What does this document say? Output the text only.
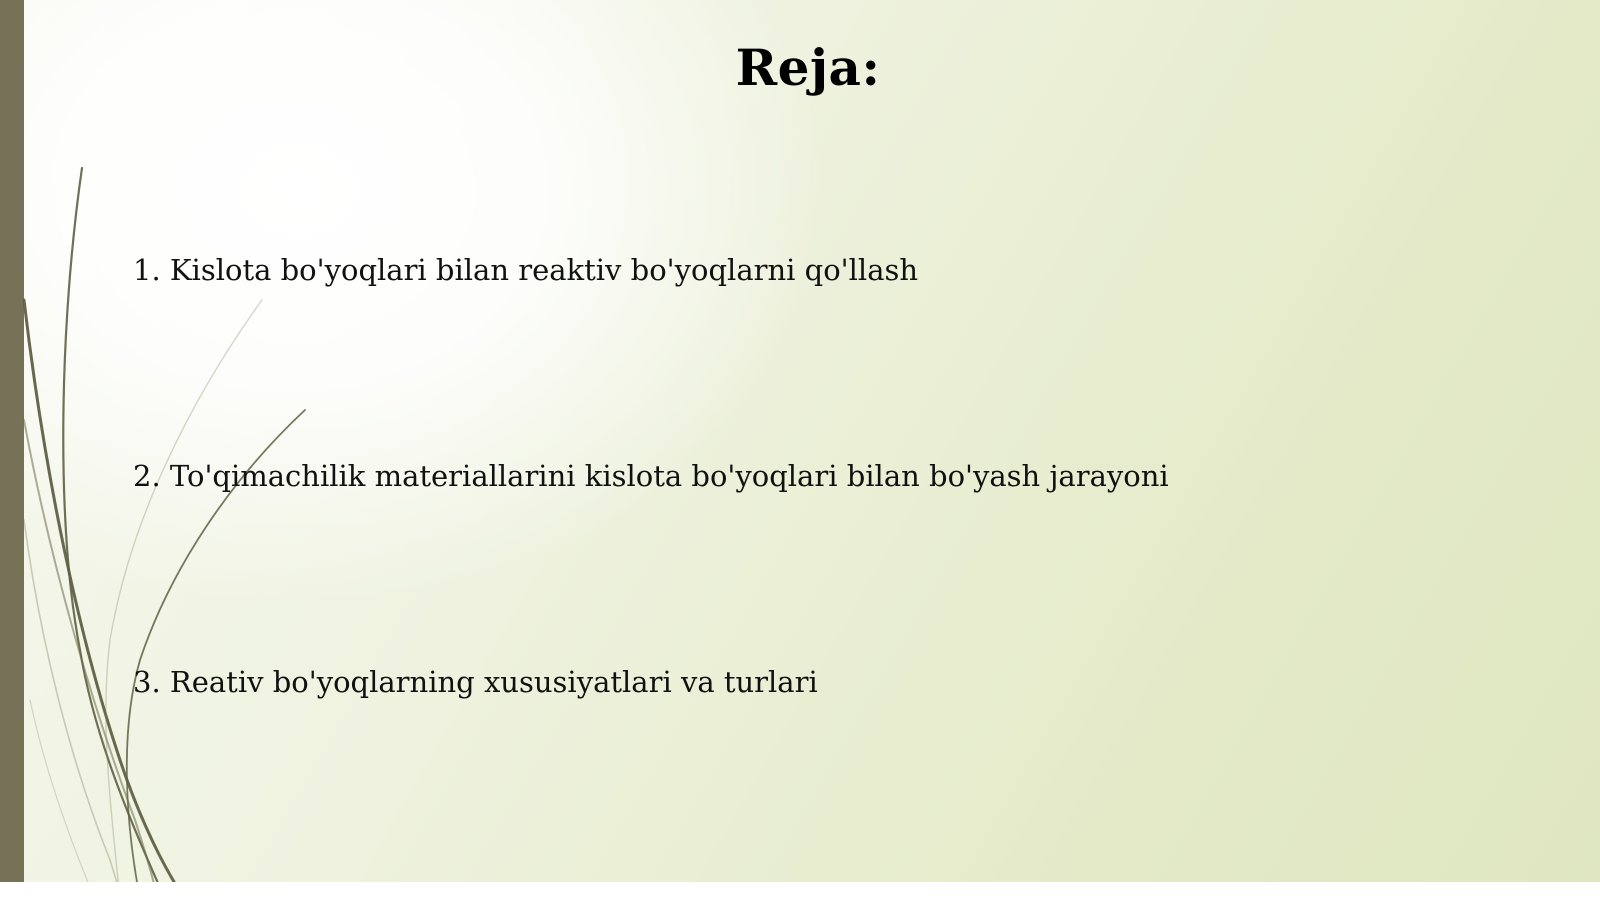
Reja:
1. Kislota bo'yoqlari bilan reaktiv bo'yoqlarni qo'llash
2. To'qimachilik materiallarini kislota bo'yoqlari bilan bo'yash jarayoni
3. Reativ bo'yoqlarning xususiyatlari va turlari
